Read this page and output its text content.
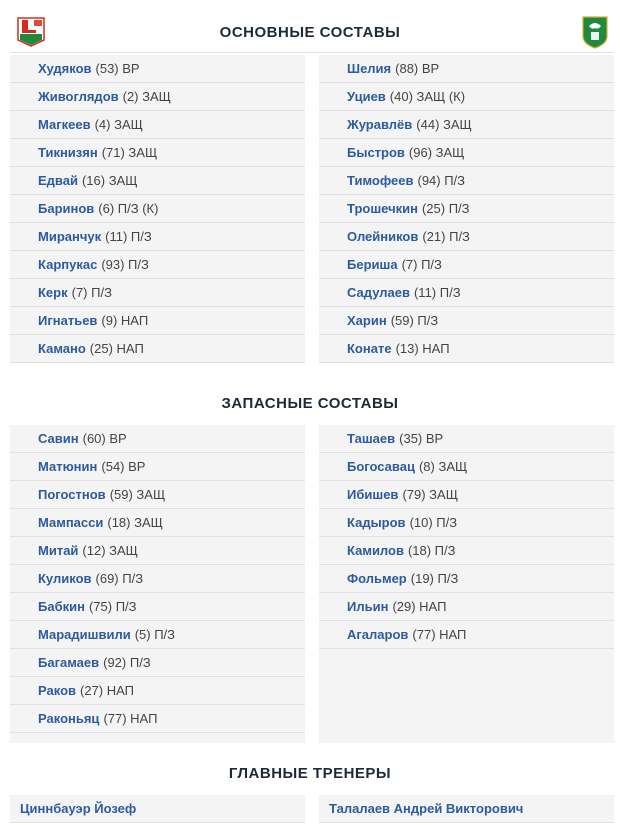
ОСНОВНЫЕ СОСТАВЫ
Худяков (53) ВР
Живоглядов (2) ЗАЩ
Магкеев (4) ЗАЩ
Тикнизян (71) ЗАЩ
Едвай (16) ЗАЩ
Баринов (6) П/З (К)
Миранчук (11) П/З
Карпукас (93) П/З
Керк (7) П/З
Игнатьев (9) НАП
Камано (25) НАП
Шелия (88) ВР
Уциев (40) ЗАЩ (К)
Журавлёв (44) ЗАЩ
Быстров (96) ЗАЩ
Тимофеев (94) П/З
Трошечкин (25) П/З
Олейников (21) П/З
Бериша (7) П/З
Садулаев (11) П/З
Харин (59) П/З
Конате (13) НАП
ЗАПАСНЫЕ СОСТАВЫ
Савин (60) ВР
Матюнин (54) ВР
Погостнов (59) ЗАЩ
Мампасси (18) ЗАЩ
Митай (12) ЗАЩ
Куликов (69) П/З
Бабкин (75) П/З
Марадишвили (5) П/З
Багамаев (92) П/З
Раков (27) НАП
Раконьяц (77) НАП
Ташаев (35) ВР
Богосавац (8) ЗАЩ
Ибишев (79) ЗАЩ
Кадыров (10) П/З
Камилов (18) П/З
Фольмер (19) П/З
Ильин (29) НАП
Агаларов (77) НАП
ГЛАВНЫЕ ТРЕНЕРЫ
Циннбауэр Йозеф	Талалаев Андрей Викторович
